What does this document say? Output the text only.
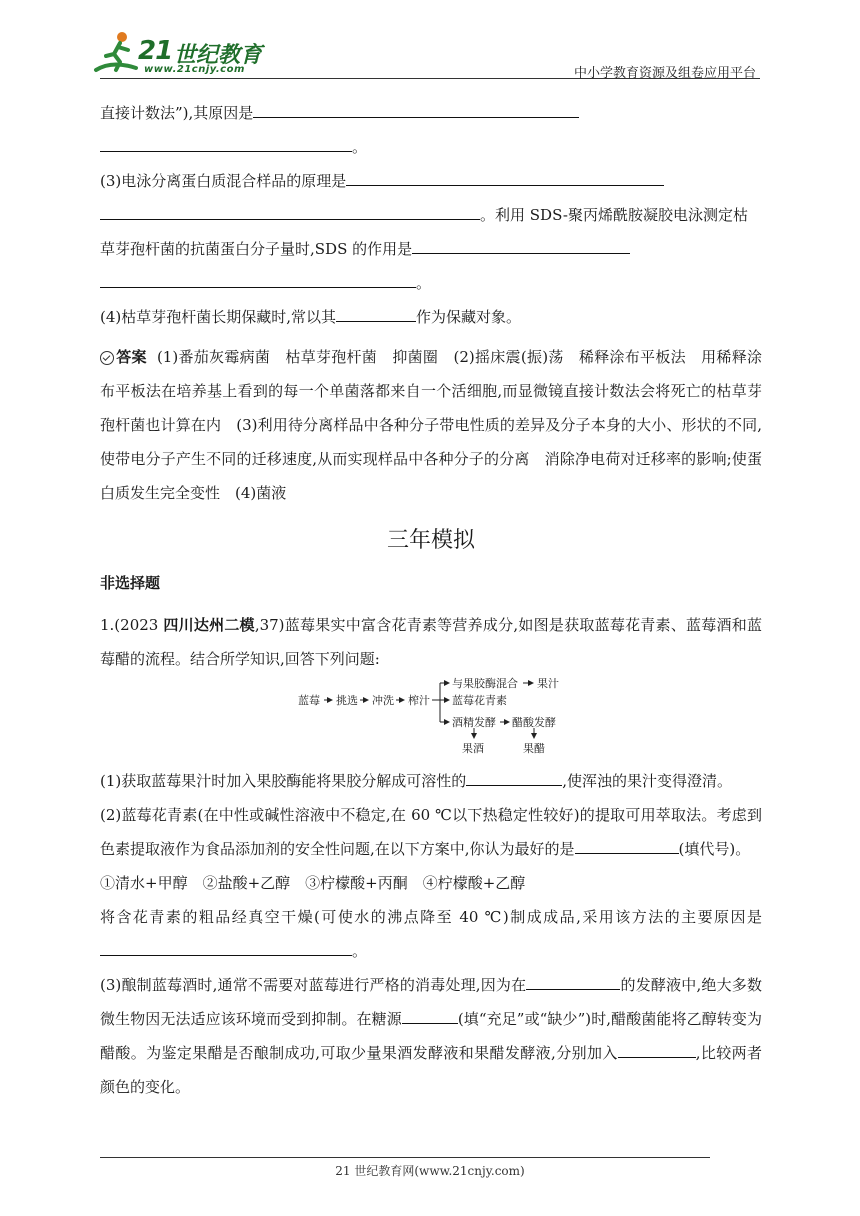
21 世纪教育
www.21cnjy.com	中小学教育资源及组卷应用平台

直接计数法”),其原因是

。

(3)电泳分离蛋白质混合样品的原理是

。利用 SDS-聚丙烯酰胺凝胶电泳测定枯

草芽孢杆菌的抗菌蛋白分子量时,SDS 的作用是

。

(4)枯草芽孢杆菌长期保藏时,常以其	作为保藏对象。

答案 (1)番茄灰霉病菌　枯草芽孢杆菌　抑菌圈　(2)摇床震(振)荡　稀释涂布平板法　用稀释涂布平板法在培养基上看到的每一个单菌落都来自一个活细胞,而显微镜直接计数法会将死亡的枯草芽孢杆菌也计算在内　(3)利用待分离样品中各种分子带电性质的差异及分子本身的大小、形状的不同,使带电分子产生不同的迁移速度,从而实现样品中各种分子的分离　消除净电荷对迁移率的影响;使蛋白质发生完全变性　(4)菌液

三年模拟
非选择题

1.(2023 四川达州二模,37)蓝莓果实中富含花青素等营养成分,如图是获取蓝莓花青素、蓝莓酒和蓝莓醋的流程。结合所学知识,回答下列问题:

蓝莓 挑选 冲洗 榨汁
与果胶酶混合 果汁
蓝莓花青素
酒精发酵 醋酸发酵
果酒	果醋

(1)获取蓝莓果汁时加入果胶酶能将果胶分解成可溶性的	,使浑浊的果汁变得澄清。

(2)蓝莓花青素(在中性或碱性溶液中不稳定,在 60 ℃以下热稳定性较好)的提取可用萃取法。考虑到色素提取液作为食品添加剂的安全性问题,在以下方案中,你认为最好的是	(填代号)。

①清水+甲醇　②盐酸+乙醇　③柠檬酸+丙酮　④柠檬酸+乙醇

将含花青素的粗品经真空干燥(可使水的沸点降至 40 ℃)制成成品,采用该方法的主要原因是。

(3)酿制蓝莓酒时,通常不需要对蓝莓进行严格的消毒处理,因为在	的发酵液中,绝大多数微生物因无法适应该环境而受到抑制。在糖源	(填“充足”或“缺少”)时,醋酸菌能将乙醇转变为醋酸。为鉴定果醋是否酿制成功,可取少量果酒发酵液和果醋发酵液,分别加入	,比较两者颜色的变化。

21 世纪教育网(www.21cnjy.com)
